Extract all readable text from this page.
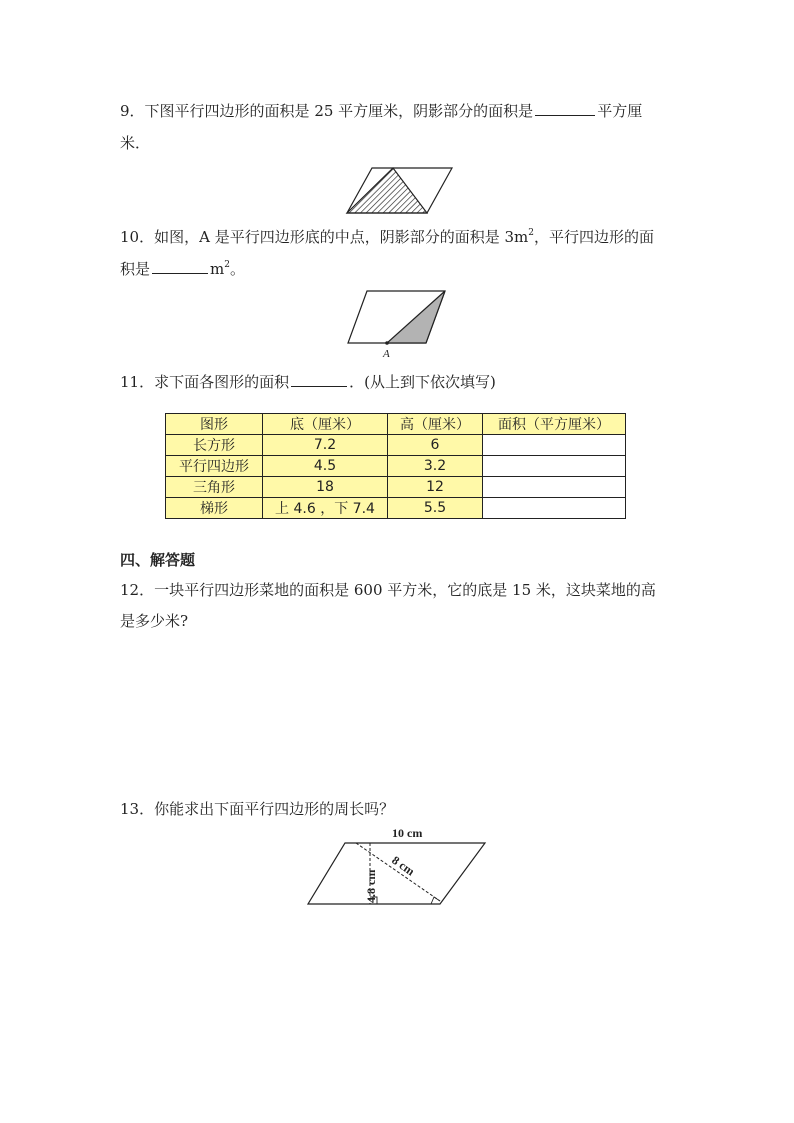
9．下图平行四边形的面积是 25 平方厘米，阴影部分的面积是	平方厘
米．
10．如图，A 是平行四边形底的中点，阴影部分的面积是 $3m^2$，平行四边形的面
积是	$m^2$。
A
11．求下面各图形的面积	．(从上到下依次填写)
图形	底（厘米）	高（厘米）	面积（平方厘米）
长方形	7.2	6	
平行四边形	4.5	3.2	
三角形	18	12	
梯形	上 4.6 ，下 7.4	5.5	
四、解答题
12．一块平行四边形菜地的面积是 600 平方米，它的底是 15 米，这块菜地的高
是多少米?
13．你能求出下面平行四边形的周长吗？
10 cm
8 cm
4.8 cm
